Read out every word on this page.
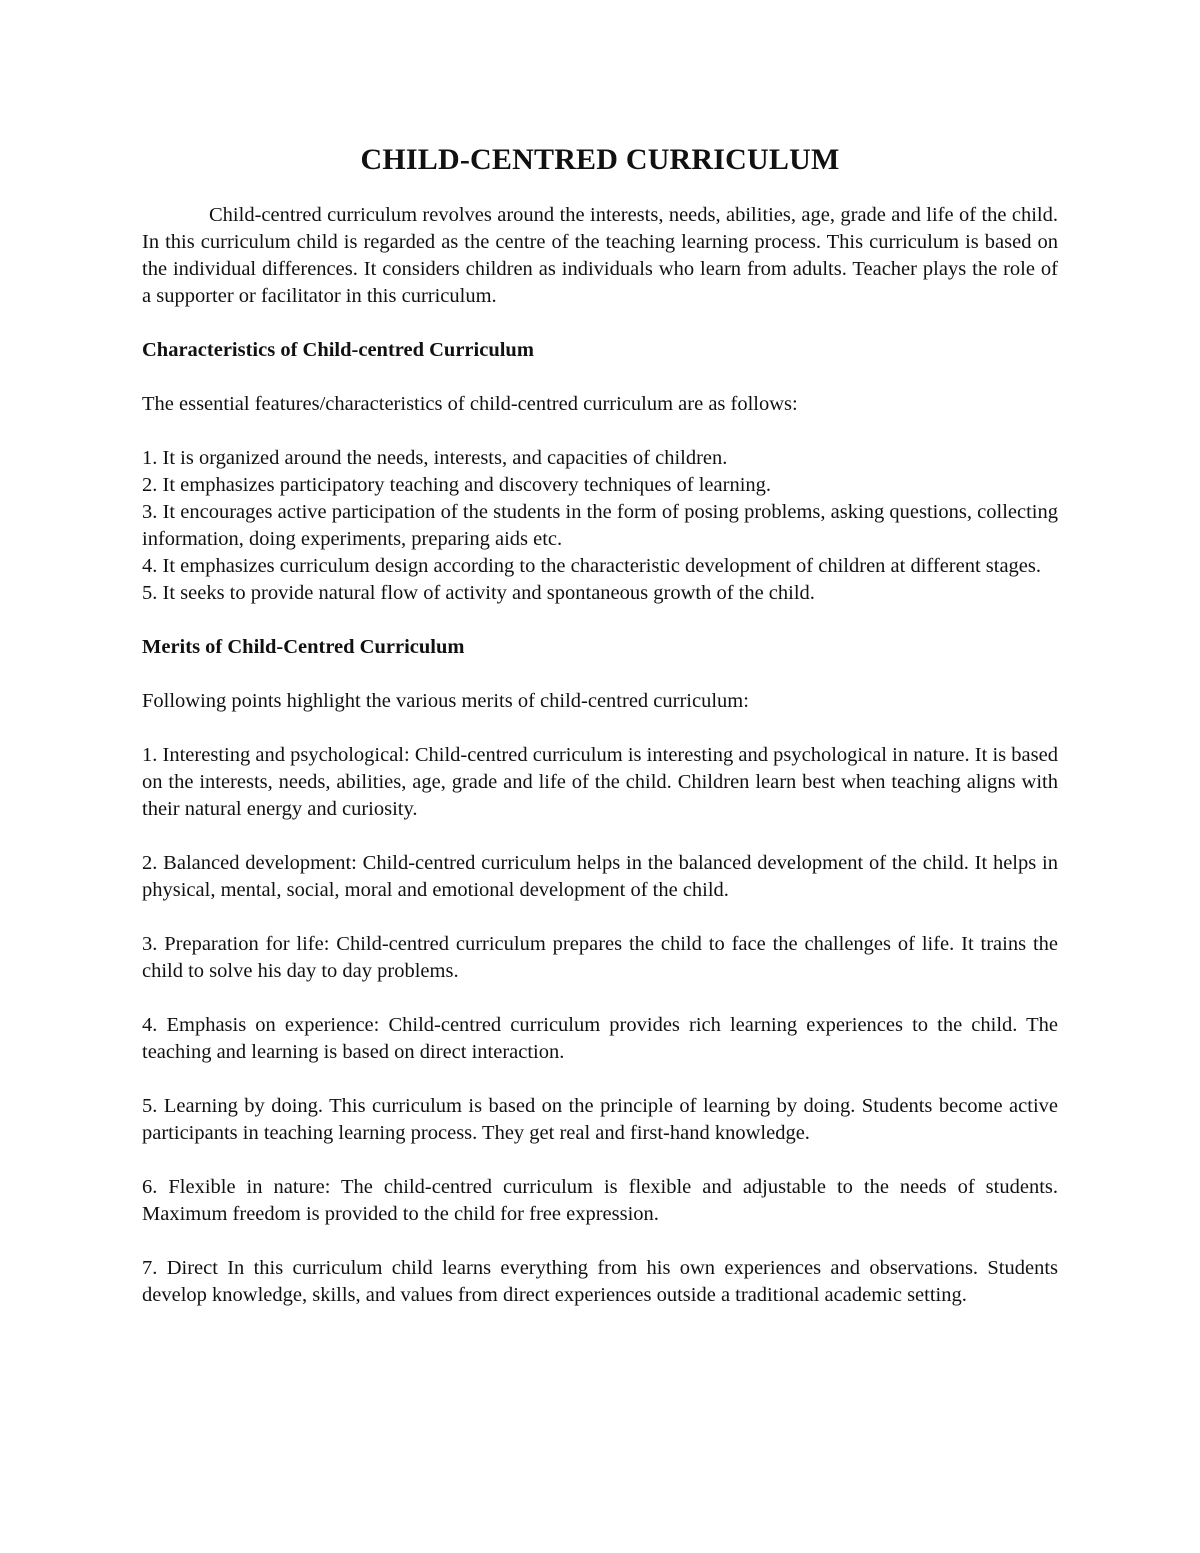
CHILD-CENTRED CURRICULUM

Child-centred curriculum revolves around the interests, needs, abilities, age, grade and life of the child. In this curriculum child is regarded as the centre of the teaching learning process. This curriculum is based on the individual differences. It considers children as individuals who learn from adults. Teacher plays the role of a supporter or facilitator in this curriculum.

Characteristics of Child-centred Curriculum

The essential features/characteristics of child-centred curriculum are as follows:

1. It is organized around the needs, interests, and capacities of children.

2. It emphasizes participatory teaching and discovery techniques of learning.

3. It encourages active participation of the students in the form of posing problems, asking questions, collecting information, doing experiments, preparing aids etc.

4. It emphasizes curriculum design according to the characteristic development of children at different stages.

5. It seeks to provide natural flow of activity and spontaneous growth of the child.

Merits of Child-Centred Curriculum

Following points highlight the various merits of child-centred curriculum:

1. Interesting and psychological: Child-centred curriculum is interesting and psychological in nature. It is based on the interests, needs, abilities, age, grade and life of the child. Children learn best when teaching aligns with their natural energy and curiosity.

2. Balanced development: Child-centred curriculum helps in the balanced development of the child. It helps in physical, mental, social, moral and emotional development of the child.

3. Preparation for life: Child-centred curriculum prepares the child to face the challenges of life. It trains the child to solve his day to day problems.

4. Emphasis on experience: Child-centred curriculum provides rich learning experiences to the child. The teaching and learning is based on direct interaction.

5. Learning by doing. This curriculum is based on the principle of learning by doing. Students become active participants in teaching learning process. They get real and first-hand knowledge.

6. Flexible in nature: The child-centred curriculum is flexible and adjustable to the needs of students. Maximum freedom is provided to the child for free expression.

7. Direct In this curriculum child learns everything from his own experiences and observations. Students develop knowledge, skills, and values from direct experiences outside a traditional academic setting.
